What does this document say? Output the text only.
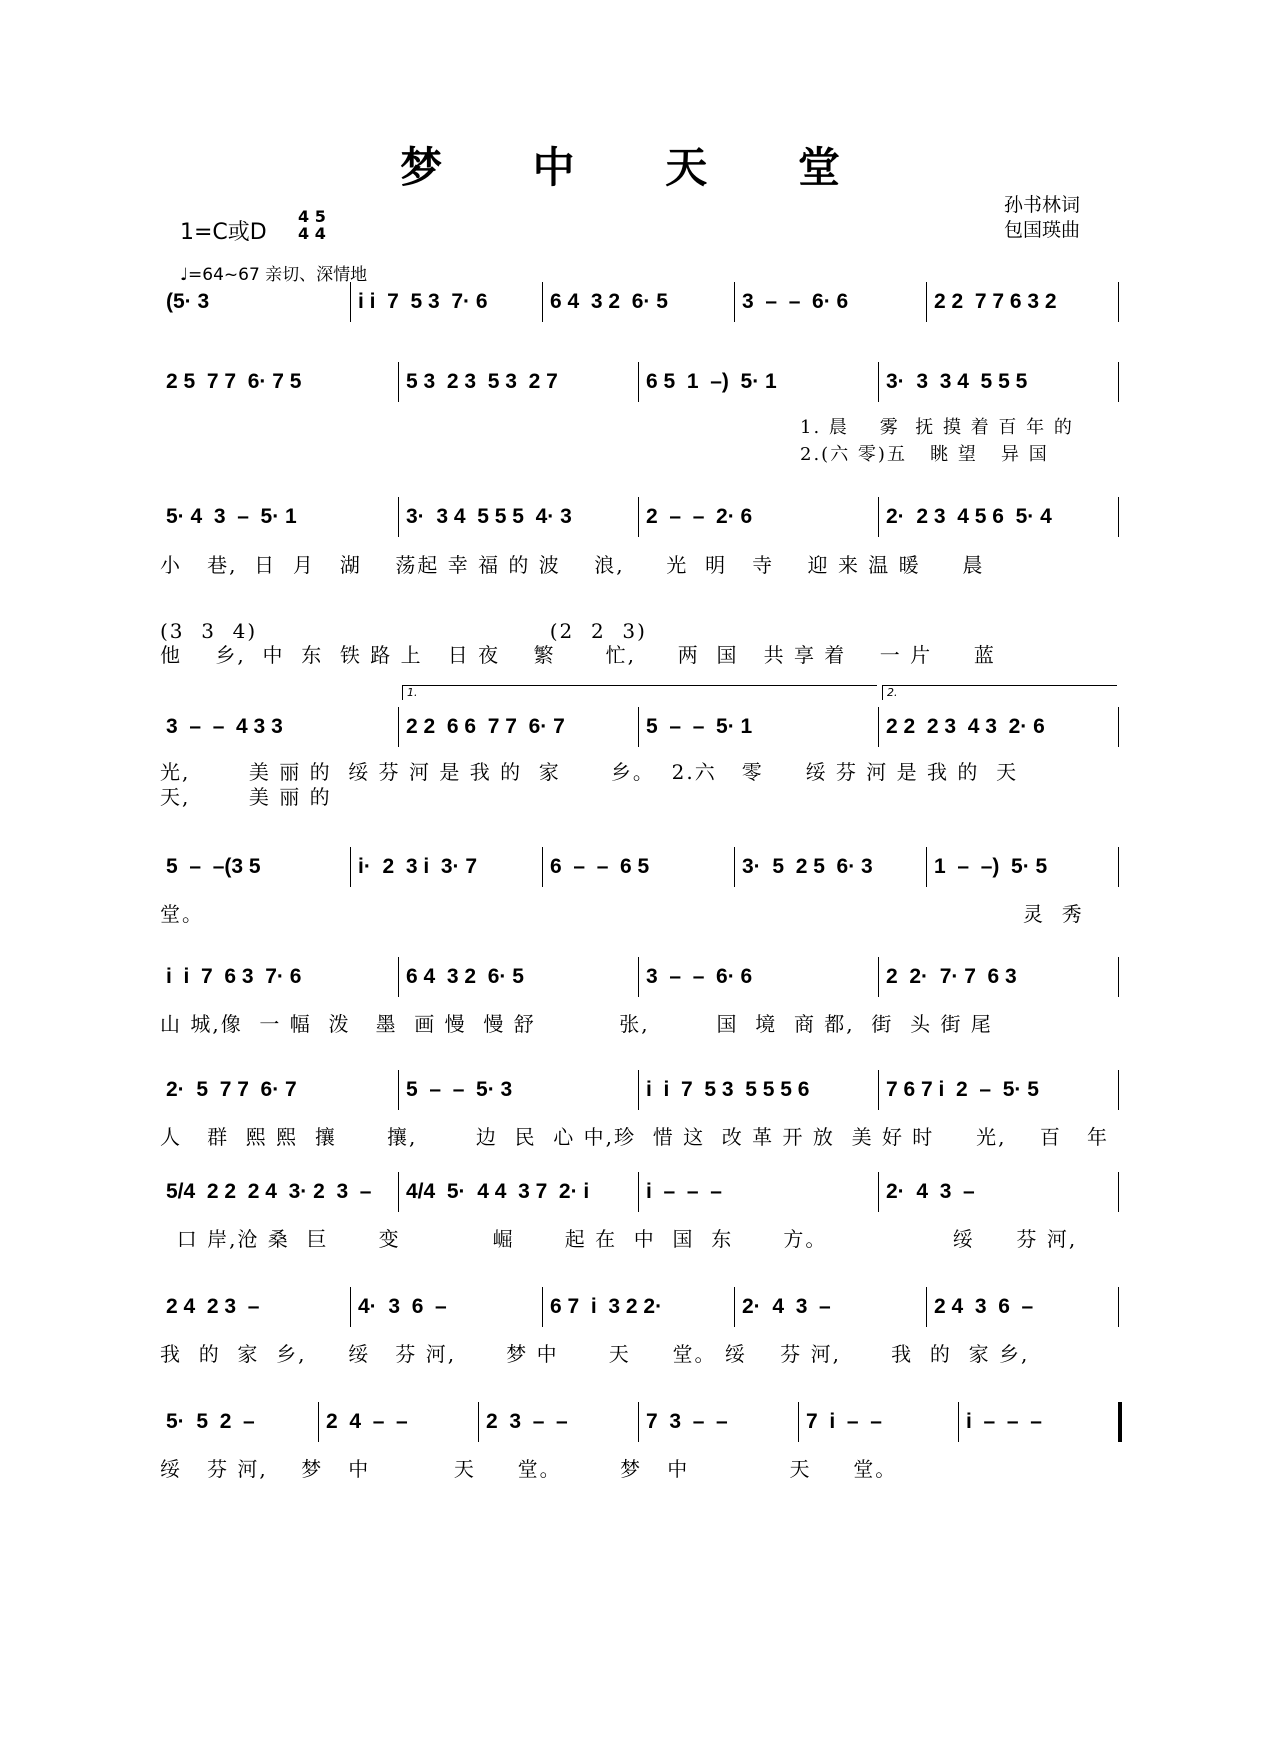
梦 中 天 堂
1=C或D
4 5
4 4
♩=64~67 亲切、深情地
孙书林词
包国瑛曲
(5· 3	i i  7  5 3  7· 6	6 4  3 2  6· 5	3  –  –  6· 6	2 2  7 7 6 3 2
2 5  7 7  6· 7 5	5 3  2 3  5 3  2 7	6 5  1  –)  5· 1	3·  3  3 4  5 5 5
1. 晨    雾  抚 摸 着 百 年 的
2.(六 零)五   眺 望   异 国
5· 4  3  –  5· 1	3·  3 4  5 5 5  4· 3	2  –  –  2· 6	2·  2 3  4 5 6  5· 4
小   巷,  日  月   湖    荡起 幸 福 的 波    浪,     光  明   寺    迎 来 温 暖     晨
(3  3  4)                                   (2  2  3)
他    乡,  中  东  铁 路 上   日 夜    繁      忙,     两  国   共 享 着    一 片     蓝
3  –  –  4 3 3	2 2  6 6  7 7  6· 7	5  –  –  5· 1	2 2  2 3  4 3  2· 6
1.	2.
光,       美 丽 的  绥 芬 河 是 我 的  家      乡。  2.六   零     绥 芬 河 是 我 的  天
天,       美 丽 的
5  –  –(3 5	i·  2  3 i  3· 7	6  –  –  6 5	3·  5  2 5  6· 3	1  –  –)  5· 5
堂。                                                                                                  灵  秀
i  i  7  6 3  7· 6	6 4  3 2  6· 5	3  –  –  6· 6	2  2·  7· 7  6 3
山 城,像  一 幅  泼   墨  画 慢  慢 舒          张,        国  境  商 都,  街  头 街 尾
2·  5  7 7  6· 7	5  –  –  5· 3	i  i  7  5 3  5 5 5 6	7 6 7 i  2  –  5· 5
人   群  熙 熙  攘      攘,       边  民  心 中,珍  惜 这  改 革 开 放  美 好 时     光,    百   年
5/4  2 2  2 4  3· 2  3  –	4/4  5·  4 4  3 7  2· i	i  –  –  –	2·  4  3  –
口 岸,沧 桑  巨      变           崛      起 在  中  国  东      方。               绥     芬 河,
2 4  2 3  –	4·  3  6  –	6 7  i  3 2 2·	2·  4  3  –	2 4  3  6  –
我  的  家  乡,     绥   芬 河,      梦 中      天     堂。 绥    芬 河,      我  的  家 乡,
5·  5  2  –	2  4  –  –	2  3  –  –	7  3  –  –	7  i  –  –	i  –  –  –
绥   芬 河,    梦   中          天     堂。       梦   中            天     堂。
